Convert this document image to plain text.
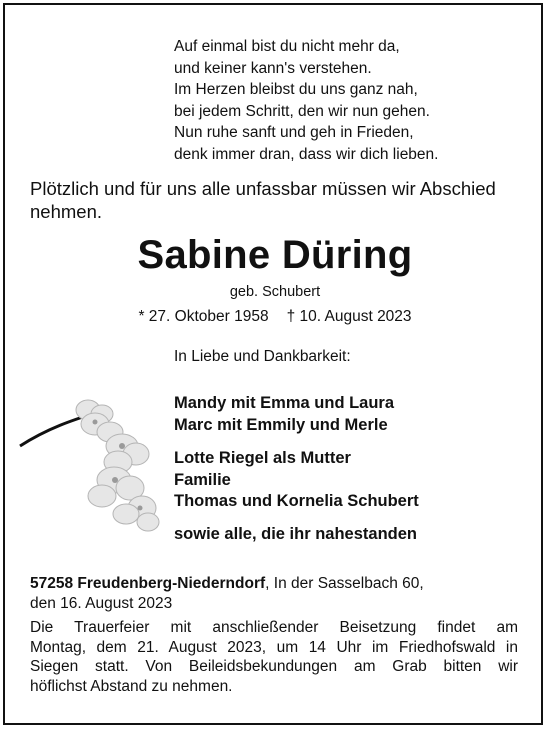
Auf einmal bist du nicht mehr da,
und keiner kann's verstehen.
Im Herzen bleibst du uns ganz nah,
bei jedem Schritt, den wir nun gehen.
Nun ruhe sanft und geh in Frieden,
denk immer dran, dass wir dich lieben.
Plötzlich und für uns alle unfassbar müssen wir Abschied
nehmen.
Sabine Düring
geb. Schubert
* 27. Oktober 1958 † 10. August 2023
In Liebe und Dankbarkeit:
Mandy mit Emma und Laura
Marc mit Emmily und Merle
Lotte Riegel als Mutter
Familie
Thomas und Kornelia Schubert
sowie alle, die ihr nahestanden
57258 Freudenberg-Niederndorf, In der Sasselbach 60,
den 16. August 2023
Die Trauerfeier mit anschließender Beisetzung findet am
Montag, dem 21. August 2023, um 14 Uhr im Friedhofswald in
Siegen statt. Von Beileidsbekundungen am Grab bitten wir
höflichst Abstand zu nehmen.
